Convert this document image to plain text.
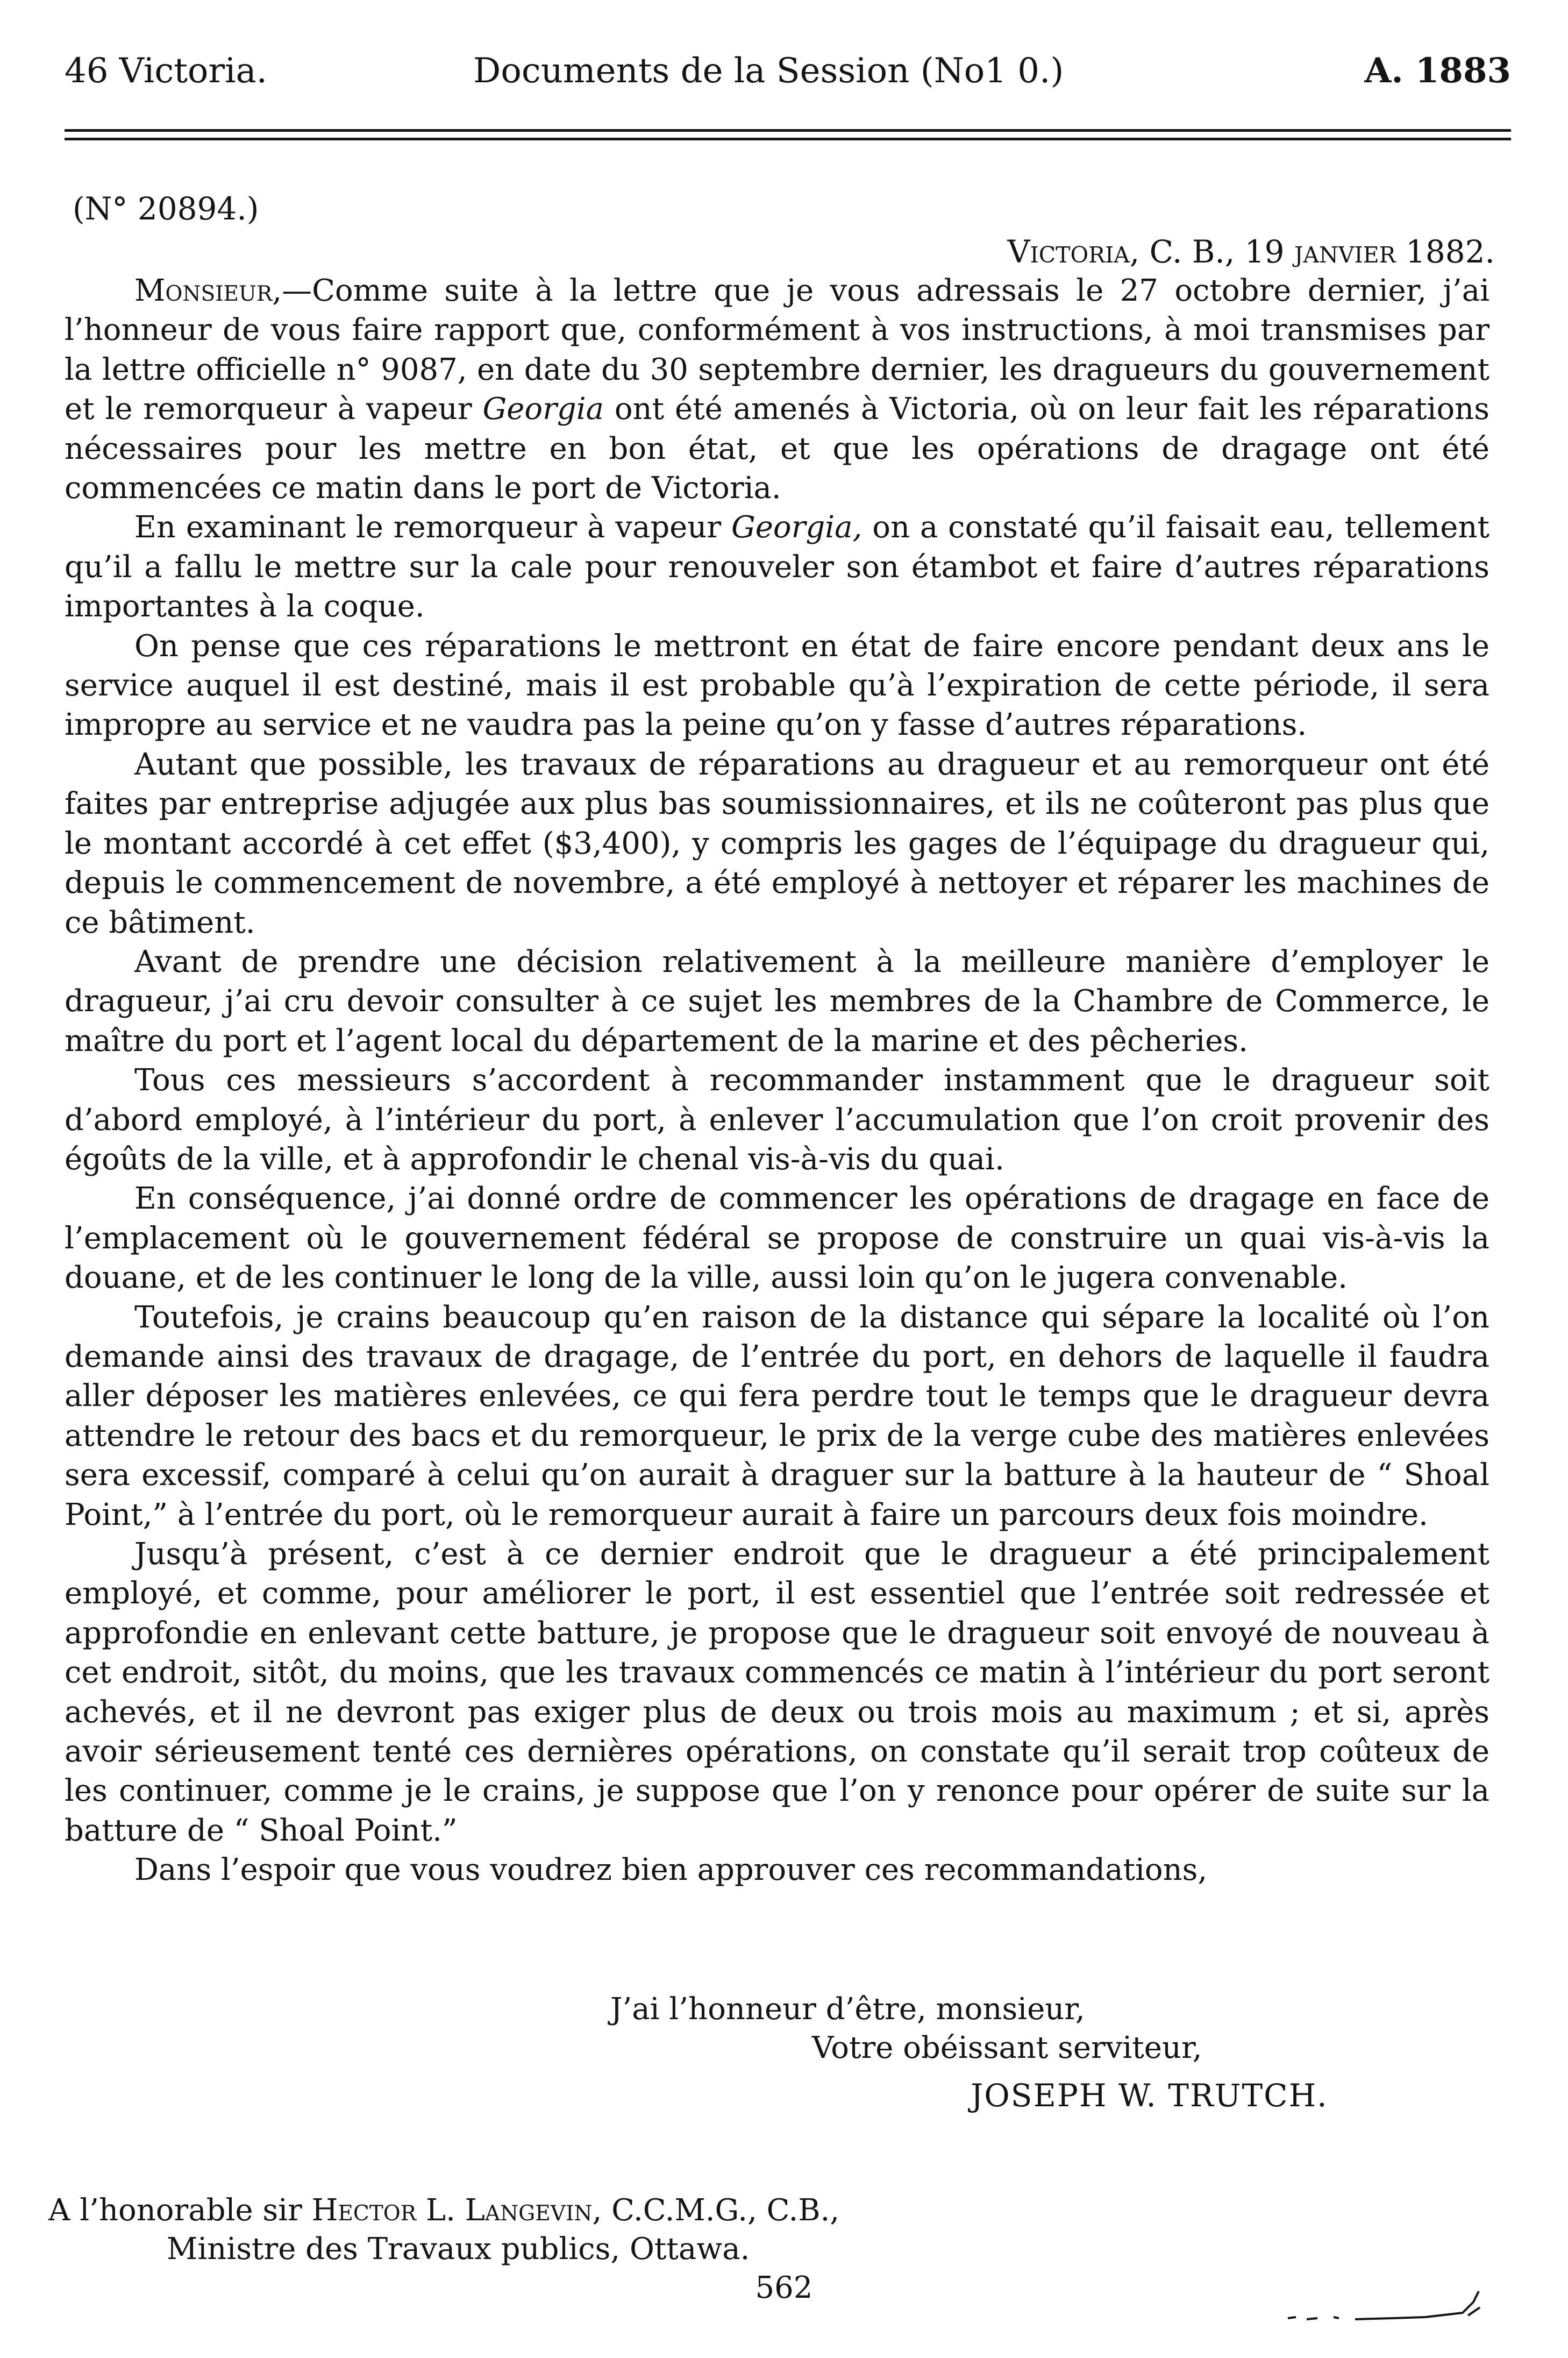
46 Victoria.	Documents de la Session (No1 0.)	A. 1883
(N° 20894.)
Victoria, C. B., 19 janvier 1882.

Monsieur,—Comme suite à la lettre que je vous adressais le 27 octobre dernier, j’ai l’honneur de vous faire rapport que, conformément à vos instructions, à moi transmises par la lettre officielle n° 9087, en date du 30 septembre dernier, les dragueurs du gouvernement et le remorqueur à vapeur Georgia ont été amenés à Victoria, où on leur fait les réparations nécessaires pour les mettre en bon état, et que les opérations de dragage ont été commencées ce matin dans le port de Victoria.

En examinant le remorqueur à vapeur Georgia, on a constaté qu’il faisait eau, tellement qu’il a fallu le mettre sur la cale pour renouveler son étambot et faire d’autres réparations importantes à la coque.

On pense que ces réparations le mettront en état de faire encore pendant deux ans le service auquel il est destiné, mais il est probable qu’à l’expiration de cette période, il sera impropre au service et ne vaudra pas la peine qu’on y fasse d’autres réparations.

Autant que possible, les travaux de réparations au dragueur et au remorqueur ont été faites par entreprise adjugée aux plus bas soumissionnaires, et ils ne coûteront pas plus que le montant accordé à cet effet ($3,400), y compris les gages de l’équipage du dragueur qui, depuis le commencement de novembre, a été employé à nettoyer et réparer les machines de ce bâtiment.

Avant de prendre une décision relativement à la meilleure manière d’employer le dragueur, j’ai cru devoir consulter à ce sujet les membres de la Chambre de Commerce, le maître du port et l’agent local du département de la marine et des pêcheries.

Tous ces messieurs s’accordent à recommander instamment que le dragueur soit d’abord employé, à l’intérieur du port, à enlever l’accumulation que l’on croit provenir des égoûts de la ville, et à approfondir le chenal vis-à-vis du quai.

En conséquence, j’ai donné ordre de commencer les opérations de dragage en face de l’emplacement où le gouvernement fédéral se propose de construire un quai vis-à-vis la douane, et de les continuer le long de la ville, aussi loin qu’on le jugera convenable.

Toutefois, je crains beaucoup qu’en raison de la distance qui sépare la localité où l’on demande ainsi des travaux de dragage, de l’entrée du port, en dehors de laquelle il faudra aller déposer les matières enlevées, ce qui fera perdre tout le temps que le dragueur devra attendre le retour des bacs et du remorqueur, le prix de la verge cube des matières enlevées sera excessif, comparé à celui qu’on aurait à draguer sur la batture à la hauteur de “ Shoal Point,” à l’entrée du port, où le remorqueur aurait à faire un parcours deux fois moindre.

Jusqu’à présent, c’est à ce dernier endroit que le dragueur a été principalement employé, et comme, pour améliorer le port, il est essentiel que l’entrée soit redressée et approfondie en enlevant cette batture, je propose que le dragueur soit envoyé de nouveau à cet endroit, sitôt, du moins, que les travaux commencés ce matin à l’intérieur du port seront achevés, et il ne devront pas exiger plus de deux ou trois mois au maximum ; et si, après avoir sérieusement tenté ces dernières opérations, on constate qu’il serait trop coûteux de les continuer, comme je le crains, je suppose que l’on y renonce pour opérer de suite sur la batture de “ Shoal Point.”

Dans l’espoir que vous voudrez bien approuver ces recommandations,

J’ai l’honneur d’être, monsieur,
Votre obéissant serviteur,
JOSEPH W. TRUTCH.
A l’honorable sir Hector L. Langevin, C.C.M.G., C.B.,
Ministre des Travaux publics, Ottawa.
562
